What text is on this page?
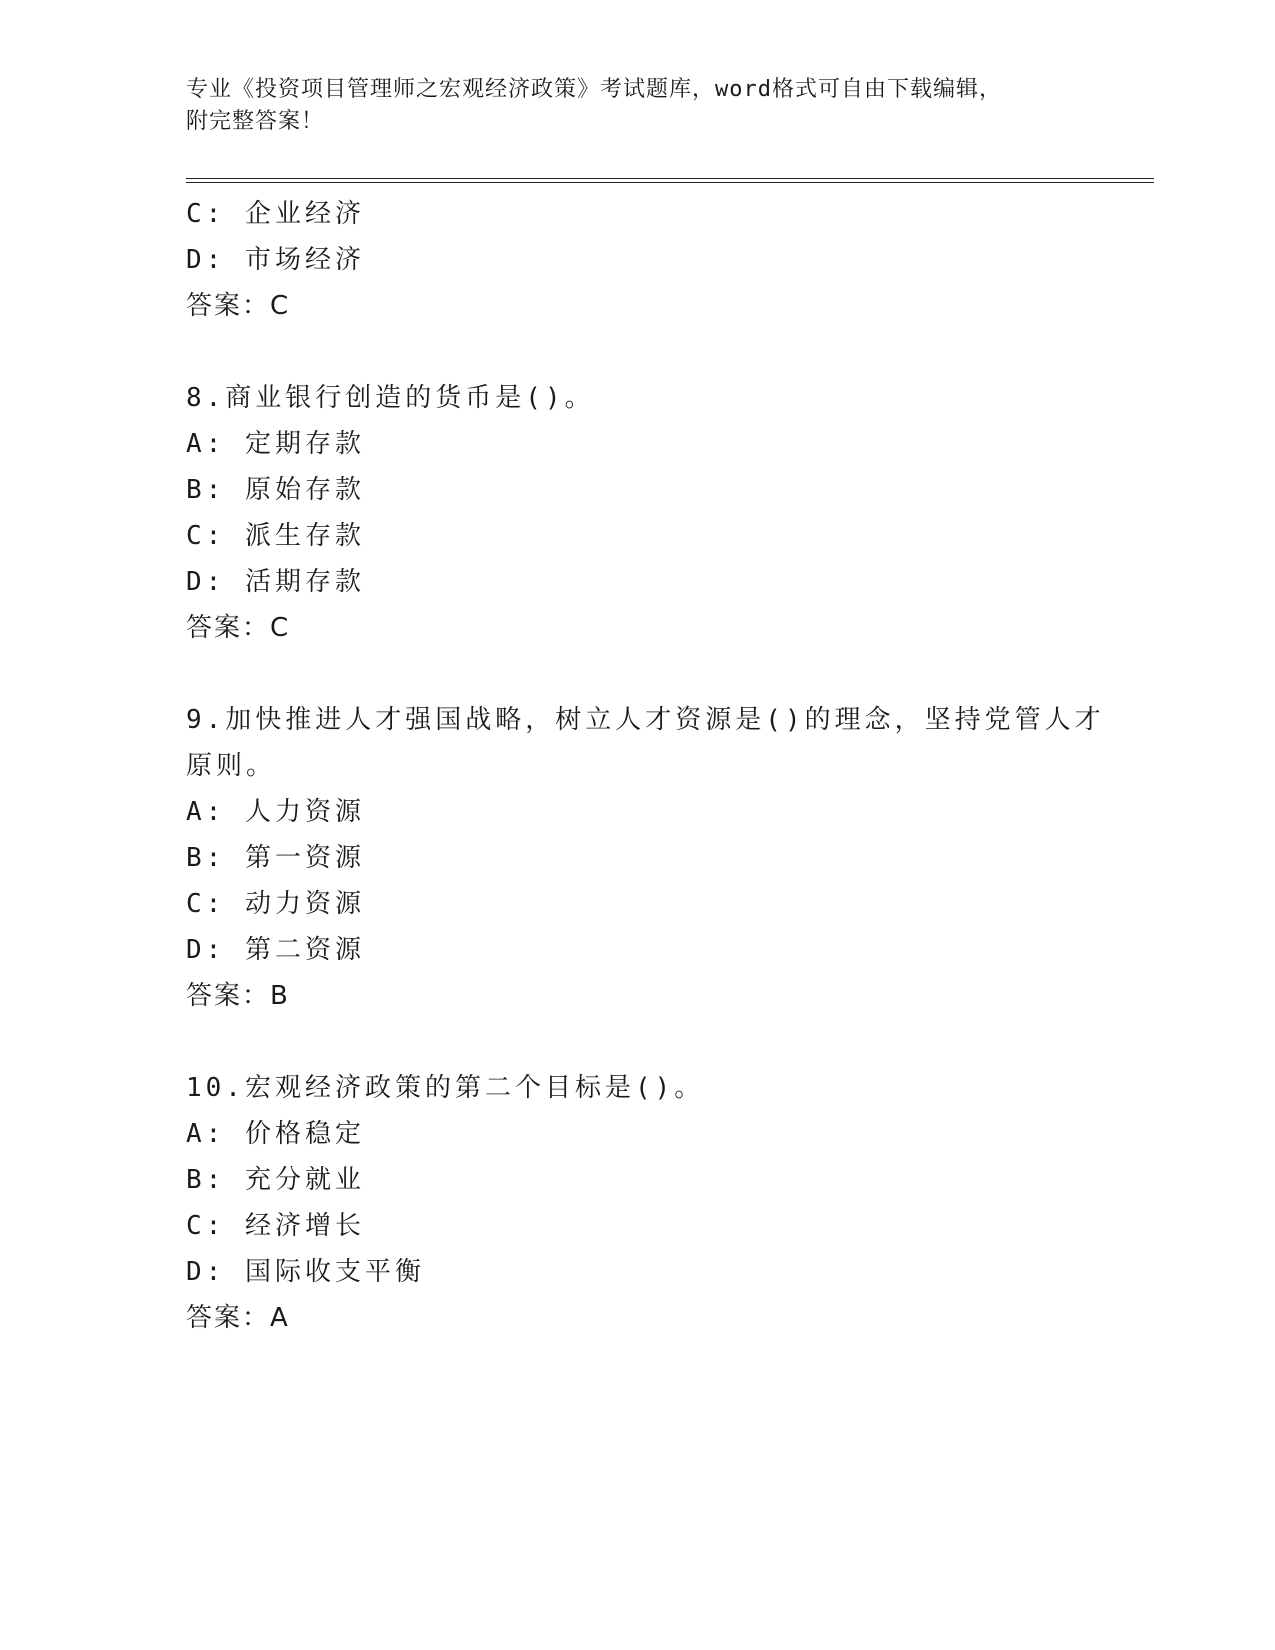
专业《投资项目管理师之宏观经济政策》考试题库，word格式可自由下载编辑，
附完整答案！
C: 企业经济
D: 市场经济
答案：C
8.商业银行创造的货币是()。
A: 定期存款
B: 原始存款
C: 派生存款
D: 活期存款
答案：C
9.加快推进人才强国战略，树立人才资源是()的理念，坚持党管人才
原则。
A: 人力资源
B: 第一资源
C: 动力资源
D: 第二资源
答案：B
10.宏观经济政策的第二个目标是()。
A: 价格稳定
B: 充分就业
C: 经济增长
D: 国际收支平衡
答案：A
